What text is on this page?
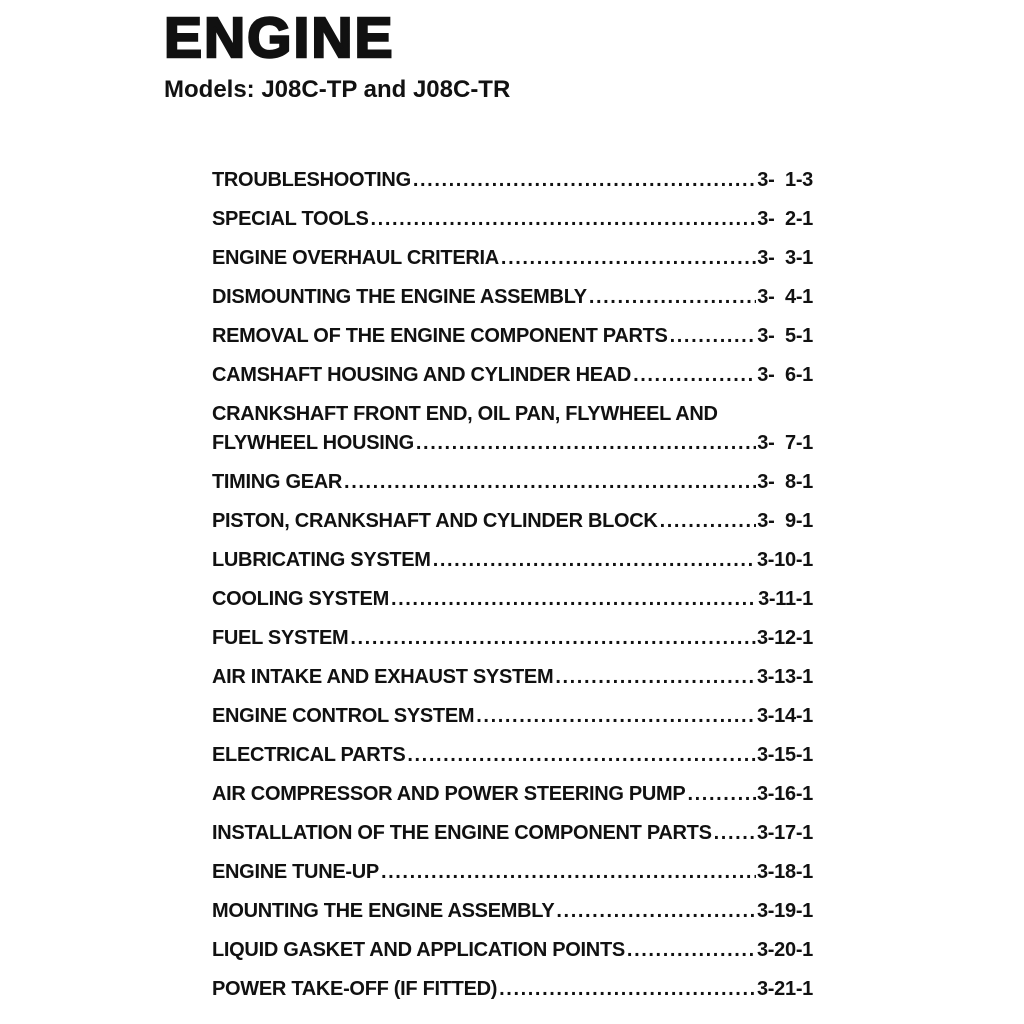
ENGINE
Models: J08C-TP and J08C-TR
TROUBLESHOOTING .....	3-  1-3
SPECIAL TOOLS .....	3-  2-1
ENGINE OVERHAUL CRITERIA .....	3-  3-1
DISMOUNTING THE ENGINE ASSEMBLY .....	3-  4-1
REMOVAL OF THE ENGINE COMPONENT PARTS .....	3-  5-1
CAMSHAFT HOUSING AND CYLINDER HEAD .....	3-  6-1
CRANKSHAFT FRONT END, OIL PAN, FLYWHEEL AND
FLYWHEEL HOUSING .....	3-  7-1
TIMING GEAR .....	3-  8-1
PISTON, CRANKSHAFT AND CYLINDER BLOCK .....	3-  9-1
LUBRICATING SYSTEM .....	3-10-1
COOLING SYSTEM .....	3-11-1
FUEL SYSTEM .....	3-12-1
AIR INTAKE AND EXHAUST SYSTEM .....	3-13-1
ENGINE CONTROL SYSTEM .....	3-14-1
ELECTRICAL PARTS .....	3-15-1
AIR COMPRESSOR AND POWER STEERING PUMP .....	3-16-1
INSTALLATION OF THE ENGINE COMPONENT PARTS ..... 3-17-1
ENGINE TUNE-UP .....	3-18-1
MOUNTING THE ENGINE ASSEMBLY .....	3-19-1
LIQUID GASKET AND APPLICATION POINTS .....	3-20-1
POWER TAKE-OFF (IF FITTED) .....	3-21-1
